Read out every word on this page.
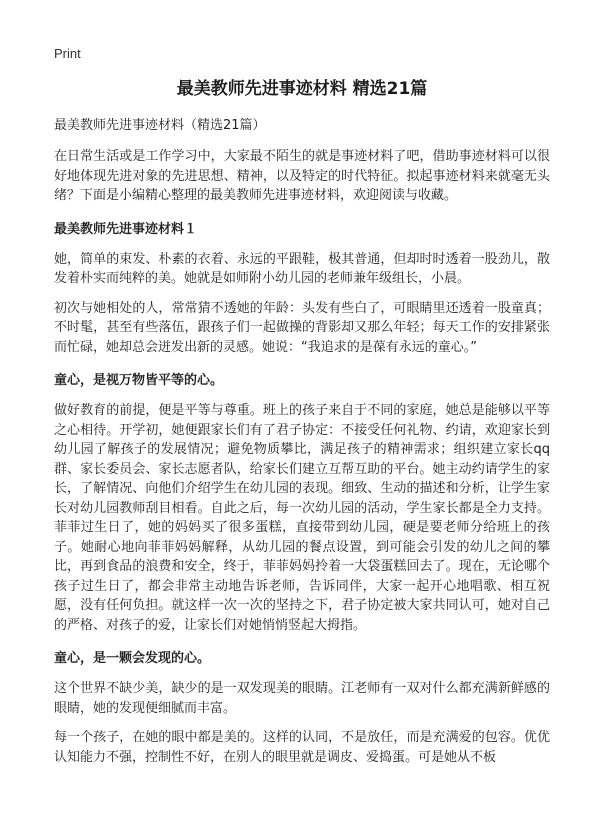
Print
最美教师先进事迹材料 精选21篇
最美教师先进事迹材料（精选21篇）
在日常生活或是工作学习中，大家最不陌生的就是事迹材料了吧，借助事迹材料可以很好地体现先进对象的先进思想、精神，以及特定的时代特征。拟起事迹材料来就毫无头绪？下面是小编精心整理的最美教师先进事迹材料，欢迎阅读与收藏。
最美教师先进事迹材料１
她，简单的束发、朴素的衣着、永远的平跟鞋，极其普通，但却时时透着一股劲儿，散发着朴实而纯粹的美。她就是如师附小幼儿园的老师兼年级组长，小晨。
初次与她相处的人，常常猜不透她的年龄：头发有些白了，可眼睛里还透着一股童真；不时髦，甚至有些落伍，跟孩子们一起做操的背影却又那么年轻；每天工作的安排紧张而忙碌，她却总会迸发出新的灵感。她说：“我追求的是葆有永远的童心。”
童心，是视万物皆平等的心。
做好教育的前提，便是平等与尊重。班上的孩子来自于不同的家庭，她总是能够以平等之心相待。开学初，她便跟家长们有了君子协定：不接受任何礼物、约请，欢迎家长到幼儿园了解孩子的发展情况；避免物质攀比，满足孩子的精神需求；组织建立家长qq群、家长委员会、家长志愿者队，给家长们建立互帮互助的平台。她主动约请学生的家长，了解情况、向他们介绍学生在幼儿园的表现。细致、生动的描述和分析，让学生家长对幼儿园教师刮目相看。自此之后，每一次幼儿园的活动，学生家长都是全力支持。菲菲过生日了，她的妈妈买了很多蛋糕，直接带到幼儿园，硬是要老师分给班上的孩子。她耐心地向菲菲妈妈解释，从幼儿园的餐点设置，到可能会引发的幼儿之间的攀比，再到食品的浪费和安全，终于，菲菲妈妈拎着一大袋蛋糕回去了。现在，无论哪个孩子过生日了，都会非常主动地告诉老师，告诉同伴，大家一起开心地唱歌、相互祝愿，没有任何负担。就这样一次一次的坚持之下，君子协定被大家共同认可，她对自己的严格、对孩子的爱，让家长们对她悄悄竖起大拇指。
童心，是一颗会发现的心。
这个世界不缺少美，缺少的是一双发现美的眼睛。江老师有一双对什么都充满新鲜感的眼睛，她的发现便细腻而丰富。
每一个孩子，在她的眼中都是美的。这样的认同，不是放任，而是充满爱的包容。优优认知能力不强，控制性不好，在别人的眼里就是调皮、爱捣蛋。可是她从不板
